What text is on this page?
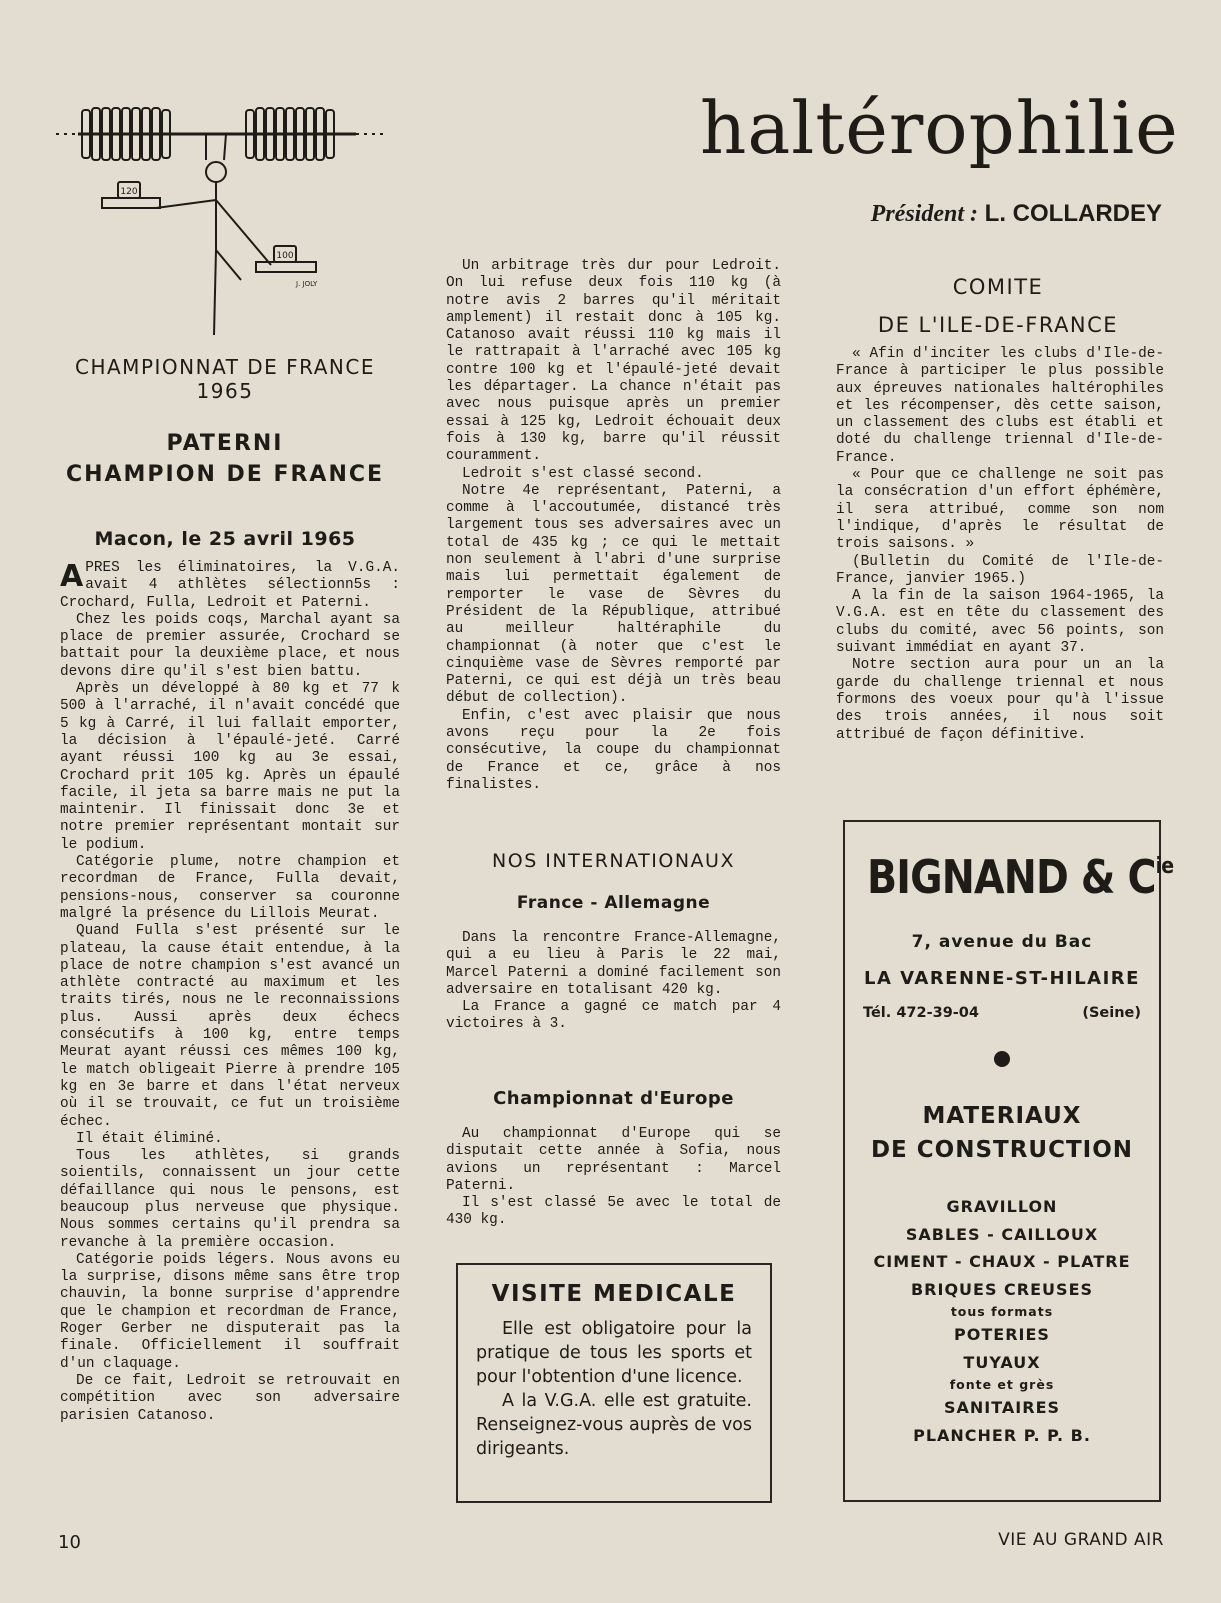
haltérophilie
Président : L. COLLARDEY
120
100
J. JOLY
CHAMPIONNAT DE FRANCE
1965
PATERNI
CHAMPION DE FRANCE
Macon, le 25 avril 1965

APRES les éliminatoires, la V.G.A. avait 4 athlètes sélectionn5s : Crochard, Fulla, Ledroit et Paterni.

Chez les poids coqs, Marchal ayant sa place de premier assurée, Crochard se battait pour la deuxième place, et nous devons dire qu'il s'est bien battu.

Après un développé à 80 kg et 77 k 500 à l'arraché, il n'avait concédé que 5 kg à Carré, il lui fallait emporter, la décision à l'épaulé-jeté. Carré ayant réussi 100 kg au 3e essai, Crochard prit 105 kg. Après un épaulé facile, il jeta sa barre mais ne put la maintenir. Il finissait donc 3e et notre premier représentant montait sur le podium.

Catégorie plume, notre champion et recordman de France, Fulla devait, pensions-nous, conserver sa couronne malgré la présence du Lillois Meurat.

Quand Fulla s'est présenté sur le plateau, la cause était entendue, à la place de notre champion s'est avancé un athlète contracté au maximum et les traits tirés, nous ne le reconnaissions plus. Aussi après deux échecs consécutifs à 100 kg, entre temps Meurat ayant réussi ces mêmes 100 kg, le match obligeait Pierre à prendre 105 kg en 3e barre et dans l'état nerveux où il se trouvait, ce fut un troisième échec.

Il était éliminé.

Tous les athlètes, si grands soientils, connaissent un jour cette défaillance qui nous le pensons, est beaucoup plus nerveuse que physique. Nous sommes certains qu'il prendra sa revanche à la première occasion.

Catégorie poids légers. Nous avons eu la surprise, disons même sans être trop chauvin, la bonne surprise d'apprendre que le champion et recordman de France, Roger Gerber ne disputerait pas la finale. Officiellement il souffrait d'un claquage.

De ce fait, Ledroit se retrouvait en compétition avec son adversaire parisien Catanoso.

Un arbitrage très dur pour Ledroit. On lui refuse deux fois 110 kg (à notre avis 2 barres qu'il méritait amplement) il restait donc à 105 kg. Catanoso avait réussi 110 kg mais il le rattrapait à l'arraché avec 105 kg contre 100 kg et l'épaulé-jeté devait les départager. La chance n'était pas avec nous puisque après un premier essai à 125 kg, Ledroit échouait deux fois à 130 kg, barre qu'il réussit couramment.

Ledroit s'est classé second.

Notre 4e représentant, Paterni, a comme à l'accoutumée, distancé très largement tous ses adversaires avec un total de 435 kg ; ce qui le mettait non seulement à l'abri d'une surprise mais lui permettait également de remporter le vase de Sèvres du Président de la République, attribué au meilleur haltéraphile du championnat (à noter que c'est le cinquième vase de Sèvres remporté par Paterni, ce qui est déjà un très beau début de collection).

Enfin, c'est avec plaisir que nous avons reçu pour la 2e fois consécutive, la coupe du championnat de France et ce, grâce à nos finalistes.

NOS INTERNATIONAUX
France - Allemagne

Dans la rencontre France-Allemagne, qui a eu lieu à Paris le 22 mai, Marcel Paterni a dominé facilement son adversaire en totalisant 420 kg.

La France a gagné ce match par 4 victoires à 3.

Championnat d'Europe

Au championnat d'Europe qui se disputait cette année à Sofia, nous avions un représentant : Marcel Paterni.

Il s'est classé 5e avec le total de 430 kg.

VISITE MEDICALE

Elle est obligatoire pour la pratique de tous les sports et pour l'obtention d'une licence.

A la V.G.A. elle est gratuite. Renseignez-vous auprès de vos dirigeants.

COMITE
DE L'ILE-DE-FRANCE

« Afin d'inciter les clubs d'Ile-de-France à participer le plus possible aux épreuves nationales haltérophiles et les récompenser, dès cette saison, un classement des clubs est établi et doté du challenge triennal d'Ile-de-France.

« Pour que ce challenge ne soit pas la consécration d'un effort éphémère, il sera attribué, comme son nom l'indique, d'après le résultat de trois saisons. »

(Bulletin du Comité de l'Ile-de-France, janvier 1965.)

A la fin de la saison 1964-1965, la V.G.A. est en tête du classement des clubs du comité, avec 56 points, son suivant immédiat en ayant 37.

Notre section aura pour un an la garde du challenge triennal et nous formons des voeux pour qu'à l'issue des trois années, il nous soit attribué de façon définitive.

BIGNAND & $C^{ie}$
7, avenue du Bac
LA VARENNE-ST-HILAIRE
Tél. 472-39-04	(Seine)
MATERIAUX
DE CONSTRUCTION
GRAVILLON
SABLES - CAILLOUX
CIMENT - CHAUX - PLATRE
BRIQUES CREUSES
tous formats
POTERIES
TUYAUX
fonte et grès
SANITAIRES
PLANCHER P. P. B.
10	VIE AU GRAND AIR
